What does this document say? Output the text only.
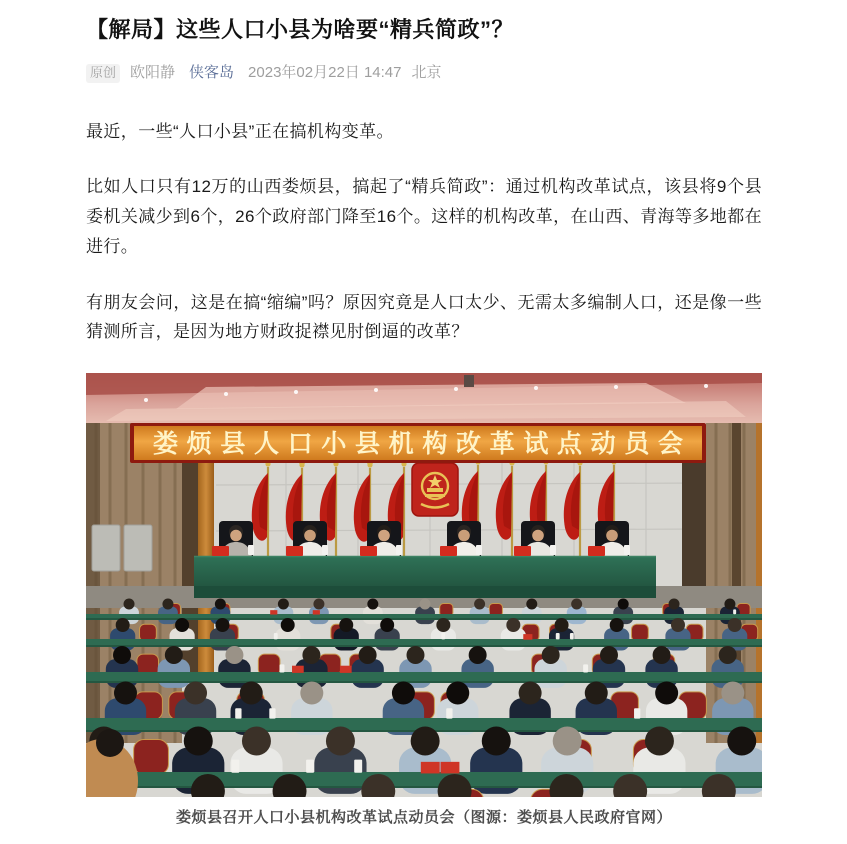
【解局】这些人口小县为啥要“精兵简政”？
原创 欧阳静 侠客岛 2023年02月22日 14:47 北京

最近，一些“人口小县”正在搞机构变革。

比如人口只有12万的山西娄烦县，搞起了“精兵简政”：通过机构改革试点，该县将9个县委机关减少到6个，26个政府部门降至16个。这样的机构改革，在山西、青海等多地都在进行。

有朋友会问，这是在搞“缩编”吗？原因究竟是人口太少、无需太多编制人口，还是像一些猜测所言，是因为地方财政捉襟见肘倒逼的改革？

娄烦县人口小县机构改革试点动员会
娄烦县召开人口小县机构改革试点动员会（图源：娄烦县人民政府官网）
